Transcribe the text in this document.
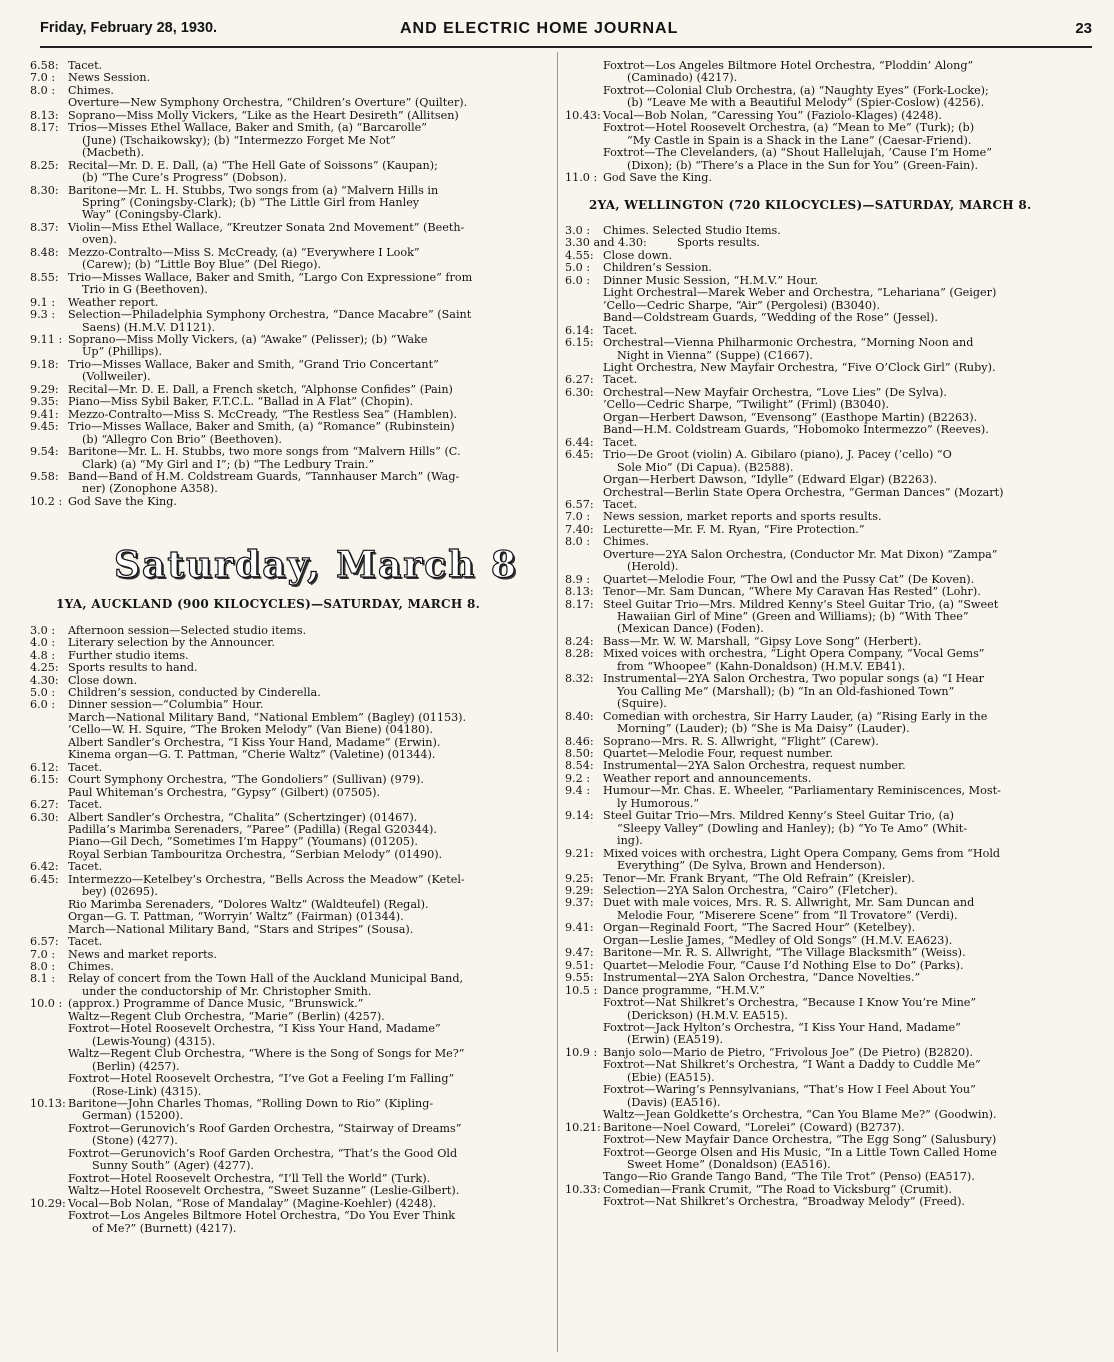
Friday, February 28, 1930.	AND ELECTRIC HOME JOURNAL	23
6.58: Tacet.
7.0 : News Session.
8.0 : Chimes.
Overture—New Symphony Orchestra, “Children’s Overture” (Quilter).
8.13: Soprano—Miss Molly Vickers, “Like as the Heart Desireth” (Allitsen)
8.17: Trios—Misses Ethel Wallace, Baker and Smith, (a) “Barcarolle”
(June) (Tschaikowsky); (b) “Intermezzo Forget Me Not”
(Macbeth).
8.25: Recital—Mr. D. E. Dall, (a) “The Hell Gate of Soissons” (Kaupan);
(b) “The Cure’s Progress” (Dobson).
8.30: Baritone—Mr. L. H. Stubbs, Two songs from (a) “Malvern Hills in
Spring” (Coningsby-Clark); (b) “The Little Girl from Hanley
Way” (Coningsby-Clark).
8.37: Violin—Miss Ethel Wallace, “Kreutzer Sonata 2nd Movement” (Beeth-
oven).
8.48: Mezzo-Contralto—Miss S. McCready, (a) “Everywhere I Look”
(Carew); (b) “Little Boy Blue” (Del Riego).
8.55: Trio—Misses Wallace, Baker and Smith, “Largo Con Expressione” from
Trio in G (Beethoven).
9.1 : Weather report.
9.3 : Selection—Philadelphia Symphony Orchestra, “Dance Macabre” (Saint
Saens) (H.M.V. D1121).
9.11 : Soprano—Miss Molly Vickers, (a) “Awake” (Pelisser); (b) “Wake
Up” (Phillips).
9.18: Trio—Misses Wallace, Baker and Smith, “Grand Trio Concertant”
(Vollweiler).
9.29: Recital—Mr. D. E. Dall, a French sketch, “Alphonse Confides” (Pain)
9.35: Piano—Miss Sybil Baker, F.T.C.L. “Ballad in A Flat” (Chopin).
9.41: Mezzo-Contralto—Miss S. McCready, “The Restless Sea” (Hamblen).
9.45: Trio—Misses Wallace, Baker and Smith, (a) “Romance” (Rubinstein)
(b) “Allegro Con Brio” (Beethoven).
9.54: Baritone—Mr. L. H. Stubbs, two more songs from “Malvern Hills” (C.
Clark) (a) “My Girl and I”; (b) “The Ledbury Train.”
9.58: Band—Band of H.M. Coldstream Guards, “Tannhauser March” (Wag-
ner) (Zonophone A358).
10.2 : God Save the King.
Saturday, March 8
1YA, AUCKLAND (900 KILOCYCLES)—SATURDAY, MARCH 8.
3.0 : Afternoon session—Selected studio items.
4.0 : Literary selection by the Announcer.
4.8 : Further studio items.
4.25: Sports results to hand.
4.30: Close down.
5.0 : Children’s session, conducted by Cinderella.
6.0 : Dinner session—“Columbia” Hour.
March—National Military Band, “National Emblem” (Bagley) (01153).
’Cello—W. H. Squire, “The Broken Melody” (Van Biene) (04180).
Albert Sandler’s Orchestra, “I Kiss Your Hand, Madame” (Erwin).
Kinema organ—G. T. Pattman, “Cherie Waltz” (Valetine) (01344).
6.12: Tacet.
6.15: Court Symphony Orchestra, “The Gondoliers” (Sullivan) (979).
Paul Whiteman’s Orchestra, “Gypsy” (Gilbert) (07505).
6.27: Tacet.
6.30: Albert Sandler’s Orchestra, “Chalita” (Schertzinger) (01467).
Padilla’s Marimba Serenaders, “Paree” (Padilla) (Regal G20344).
Piano—Gil Dech, “Sometimes I’m Happy” (Youmans) (01205).
Royal Serbian Tambouritza Orchestra, “Serbian Melody” (01490).
6.42: Tacet.
6.45: Intermezzo—Ketelbey’s Orchestra, “Bells Across the Meadow” (Ketel-
bey) (02695).
Rio Marimba Serenaders, “Dolores Waltz” (Waldteufel) (Regal).
Organ—G. T. Pattman, “Worryin’ Waltz” (Fairman) (01344).
March—National Military Band, “Stars and Stripes” (Sousa).
6.57: Tacet.
7.0 : News and market reports.
8.0 : Chimes.
8.1 : Relay of concert from the Town Hall of the Auckland Municipal Band,
under the conductorship of Mr. Christopher Smith.
10.0 : (approx.) Programme of Dance Music, “Brunswick.”
Waltz—Regent Club Orchestra, “Marie” (Berlin) (4257).
Foxtrot—Hotel Roosevelt Orchestra, “I Kiss Your Hand, Madame”
(Lewis-Young) (4315).
Waltz—Regent Club Orchestra, “Where is the Song of Songs for Me?”
(Berlin) (4257).
Foxtrot—Hotel Roosevelt Orchestra, “I’ve Got a Feeling I’m Falling”
(Rose-Link) (4315).
10.13: Baritone—John Charles Thomas, “Rolling Down to Rio” (Kipling-
German) (15200).
Foxtrot—Gerunovich’s Roof Garden Orchestra, “Stairway of Dreams”
(Stone) (4277).
Foxtrot—Gerunovich’s Roof Garden Orchestra, “That’s the Good Old
Sunny South” (Ager) (4277).
Foxtrot—Hotel Roosevelt Orchestra, “I’ll Tell the World” (Turk).
Waltz—Hotel Roosevelt Orchestra, “Sweet Suzanne” (Leslie-Gilbert).
10.29: Vocal—Bob Nolan, “Rose of Mandalay” (Magine-Koehler) (4248).
Foxtrot—Los Angeles Biltmore Hotel Orchestra, “Do You Ever Think
of Me?” (Burnett) (4217).
Foxtrot—Los Angeles Biltmore Hotel Orchestra, “Ploddin’ Along”
(Caminado) (4217).
Foxtrot—Colonial Club Orchestra, (a) “Naughty Eyes” (Fork-Locke);
(b) “Leave Me with a Beautiful Melody” (Spier-Coslow) (4256).
10.43: Vocal—Bob Nolan, “Caressing You” (Faziolo-Klages) (4248).
Foxtrot—Hotel Roosevelt Orchestra, (a) “Mean to Me” (Turk); (b)
“My Castle in Spain is a Shack in the Lane” (Caesar-Friend).
Foxtrot—The Clevelanders, (a) “Shout Hallelujah, ’Cause I’m Home”
(Dixon); (b) “There’s a Place in the Sun for You” (Green-Fain).
11.0 : God Save the King.
2YA, WELLINGTON (720 KILOCYCLES)—SATURDAY, MARCH 8.
3.0 : Chimes. Selected Studio Items.
3.30 and 4.30:	Sports results.
4.55: Close down.
5.0 : Children’s Session.
6.0 : Dinner Music Session, “H.M.V.” Hour.
Light Orchestral—Marek Weber and Orchestra, “Lehariana” (Geiger)
’Cello—Cedric Sharpe, “Air” (Pergolesi) (B3040).
Band—Coldstream Guards, “Wedding of the Rose” (Jessel).
6.14: Tacet.
6.15: Orchestral—Vienna Philharmonic Orchestra, “Morning Noon and
Night in Vienna” (Suppe) (C1667).
Light Orchestra, New Mayfair Orchestra, “Five O’Clock Girl” (Ruby).
6.27: Tacet.
6.30: Orchestral—New Mayfair Orchestra, “Love Lies” (De Sylva).
’Cello—Cedric Sharpe, “Twilight” (Friml) (B3040).
Organ—Herbert Dawson, “Evensong” (Easthope Martin) (B2263).
Band—H.M. Coldstream Guards, “Hobomoko Intermezzo” (Reeves).
6.44: Tacet.
6.45: Trio—De Groot (violin) A. Gibilaro (piano), J. Pacey (’cello) “O
Sole Mio” (Di Capua). (B2588).
Organ—Herbert Dawson, “Idylle” (Edward Elgar) (B2263).
Orchestral—Berlin State Opera Orchestra, “German Dances” (Mozart)
6.57: Tacet.
7.0 : News session, market reports and sports results.
7.40: Lecturette—Mr. F. M. Ryan, “Fire Protection.”
8.0 : Chimes.
Overture—2YA Salon Orchestra, (Conductor Mr. Mat Dixon) “Zampa”
(Herold).
8.9 : Quartet—Melodie Four, “The Owl and the Pussy Cat” (De Koven).
8.13: Tenor—Mr. Sam Duncan, “Where My Caravan Has Rested” (Lohr).
8.17: Steel Guitar Trio—Mrs. Mildred Kenny’s Steel Guitar Trio, (a) “Sweet
Hawaiian Girl of Mine” (Green and Williams); (b) “With Thee”
(Mexican Dance) (Foden).
8.24: Bass—Mr. W. W. Marshall, “Gipsy Love Song” (Herbert).
8.28: Mixed voices with orchestra, “Light Opera Company, “Vocal Gems”
from “Whoopee” (Kahn-Donaldson) (H.M.V. EB41).
8.32: Instrumental—2YA Salon Orchestra, Two popular songs (a) “I Hear
You Calling Me” (Marshall); (b) “In an Old-fashioned Town”
(Squire).
8.40: Comedian with orchestra, Sir Harry Lauder, (a) “Rising Early in the
Morning” (Lauder); (b) “She is Ma Daisy” (Lauder).
8.46: Soprano—Mrs. R. S. Allwright, “Flight” (Carew).
8.50: Quartet—Melodie Four, request number.
8.54: Instrumental—2YA Salon Orchestra, request number.
9.2 : Weather report and announcements.
9.4 : Humour—Mr. Chas. E. Wheeler, “Parliamentary Reminiscences, Most-
ly Humorous.”
9.14: Steel Guitar Trio—Mrs. Mildred Kenny’s Steel Guitar Trio, (a)
“Sleepy Valley” (Dowling and Hanley); (b) “Yo Te Amo” (Whit-
ing).
9.21: Mixed voices with orchestra, Light Opera Company, Gems from “Hold
Everything” (De Sylva, Brown and Henderson).
9.25: Tenor—Mr. Frank Bryant, “The Old Refrain” (Kreisler).
9.29: Selection—2YA Salon Orchestra, “Cairo” (Fletcher).
9.37: Duet with male voices, Mrs. R. S. Allwright, Mr. Sam Duncan and
Melodie Four, “Miserere Scene” from “Il Trovatore” (Verdi).
9.41: Organ—Reginald Foort, “The Sacred Hour” (Ketelbey).
Organ—Leslie James, “Medley of Old Songs” (H.M.V. EA623).
9.47: Baritone—Mr. R. S. Allwright, “The Village Blacksmith” (Weiss).
9.51: Quartet—Melodie Four, “Cause I’d Nothing Else to Do” (Parks).
9.55: Instrumental—2YA Salon Orchestra, “Dance Novelties.”
10.5 : Dance programme, “H.M.V.”
Foxtrot—Nat Shilkret’s Orchestra, “Because I Know You’re Mine”
(Derickson) (H.M.V. EA515).
Foxtrot—Jack Hylton’s Orchestra, “I Kiss Your Hand, Madame”
(Erwin) (EA519).
10.9 : Banjo solo—Mario de Pietro, “Frivolous Joe” (De Pietro) (B2820).
Foxtrot—Nat Shilkret’s Orchestra, “I Want a Daddy to Cuddle Me”
(Ebie) (EA515).
Foxtrot—Waring’s Pennsylvanians, “That’s How I Feel About You”
(Davis) (EA516).
Waltz—Jean Goldkette’s Orchestra, “Can You Blame Me?” (Goodwin).
10.21: Baritone—Noel Coward, “Lorelei” (Coward) (B2737).
Foxtrot—New Mayfair Dance Orchestra, “The Egg Song” (Salusbury)
Foxtrot—George Olsen and His Music, “In a Little Town Called Home
Sweet Home” (Donaldson) (EA516).
Tango—Rio Grande Tango Band, “The Tile Trot” (Penso) (EA517).
10.33: Comedian—Frank Crumit, “The Road to Vicksburg” (Crumit).
Foxtrot—Nat Shilkret’s Orchestra, “Broadway Melody” (Freed).
